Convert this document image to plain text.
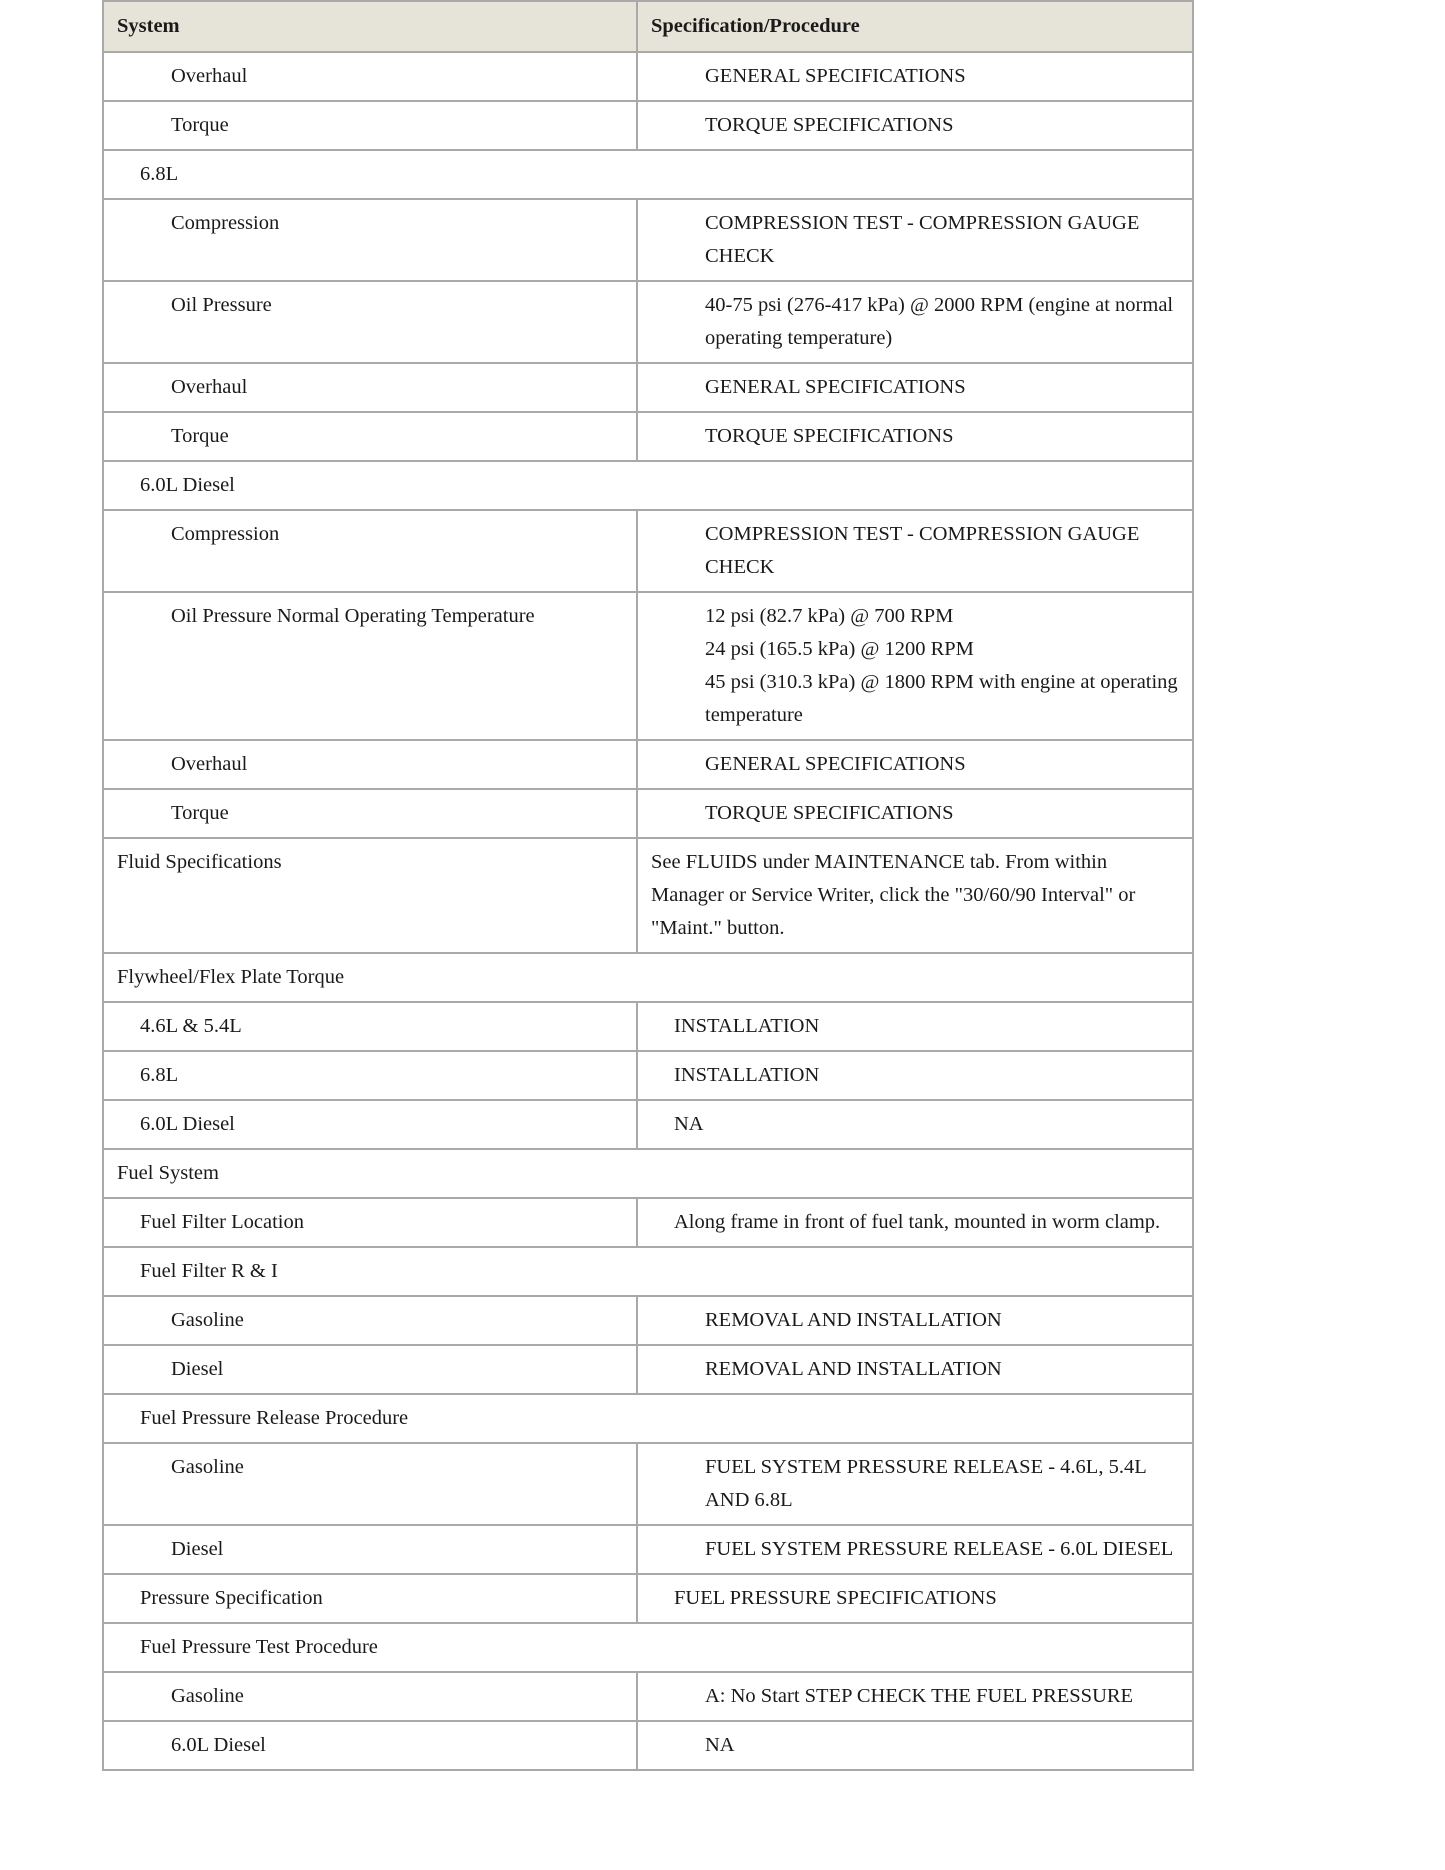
System	Specification/Procedure
Overhaul	GENERAL SPECIFICATIONS

Torque	TORQUE SPECIFICATIONS

6.8L	
Compression	COMPRESSION TEST - COMPRESSION GAUGE CHECK

Oil Pressure	40-75 psi (276-417 kPa) @ 2000 RPM (engine at normal operating temperature)

Overhaul	GENERAL SPECIFICATIONS

Torque	TORQUE SPECIFICATIONS

6.0L Diesel	
Compression	COMPRESSION TEST - COMPRESSION GAUGE CHECK

Oil Pressure Normal Operating Temperature	12 psi (82.7 kPa) @ 700 RPM
24 psi (165.5 kPa) @ 1200 RPM
45 psi (310.3 kPa) @ 1800 RPM with engine at operating temperature

Overhaul	GENERAL SPECIFICATIONS

Torque	TORQUE SPECIFICATIONS

Fluid Specifications	See FLUIDS under MAINTENANCE tab. From within Manager or Service Writer, click the "30/60/90 Interval" or "Maint." button.

Flywheel/Flex Plate Torque	
4.6L & 5.4L	INSTALLATION

6.8L	INSTALLATION

6.0L Diesel	NA

Fuel System	
Fuel Filter Location	Along frame in front of fuel tank, mounted in worm clamp.

Fuel Filter R & I	
Gasoline	REMOVAL AND INSTALLATION

Diesel	REMOVAL AND INSTALLATION

Fuel Pressure Release Procedure	
Gasoline	FUEL SYSTEM PRESSURE RELEASE - 4.6L, 5.4L AND 6.8L

Diesel	FUEL SYSTEM PRESSURE RELEASE - 6.0L DIESEL

Pressure Specification	FUEL PRESSURE SPECIFICATIONS

Fuel Pressure Test Procedure	
Gasoline	A: No Start STEP CHECK THE FUEL PRESSURE

6.0L Diesel	NA
